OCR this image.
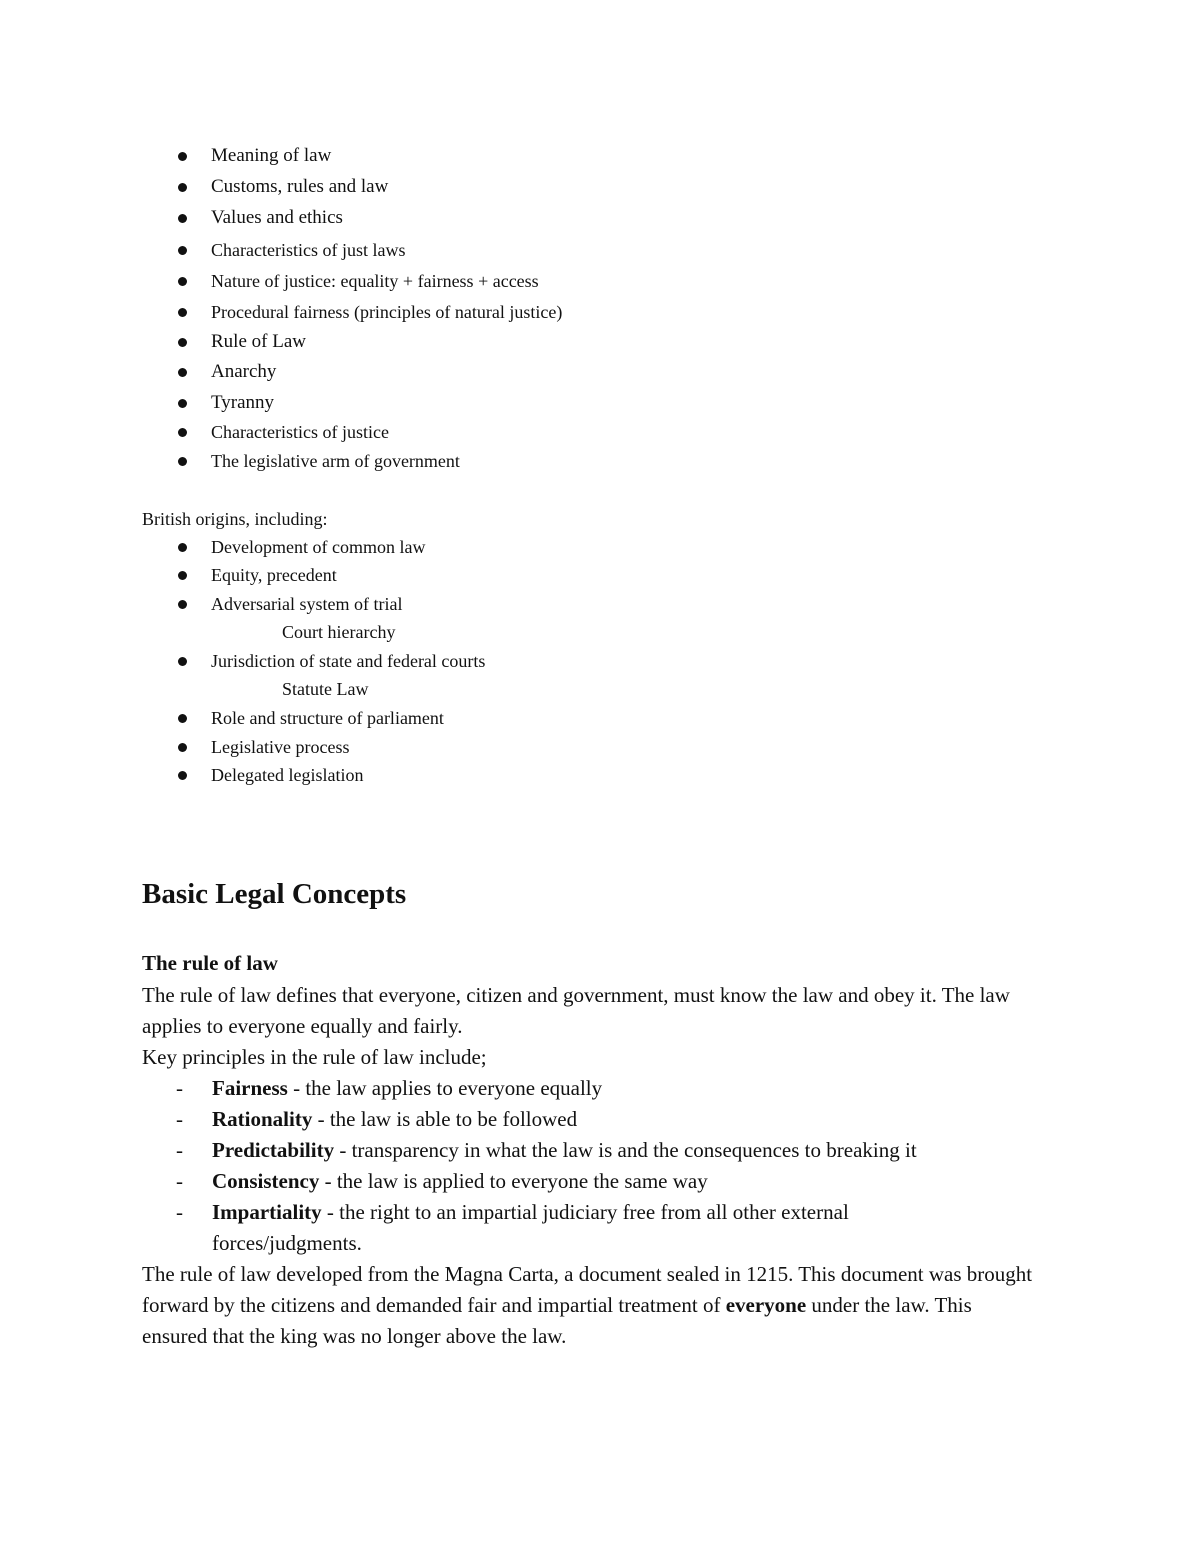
Meaning of law
Customs, rules and law
Values and ethics
Characteristics of just laws
Nature of justice: equality + fairness + access
Procedural fairness (principles of natural justice)
Rule of Law
Anarchy
Tyranny
Characteristics of justice
The legislative arm of government
British origins, including:
Development of common law
Equity, precedent
Adversarial system of trial
Court hierarchy
Jurisdiction of state and federal courts
Statute Law
Role and structure of parliament
Legislative process
Delegated legislation
Basic Legal Concepts
The rule of law
The rule of law defines that everyone, citizen and government, must know the law and obey it. The law applies to everyone equally and fairly.
Key principles in the rule of law include;
- Fairness - the law applies to everyone equally
- Rationality - the law is able to be followed
- Predictability - transparency in what the law is and the consequences to breaking it
- Consistency - the law is applied to everyone the same way
- Impartiality - the right to an impartial judiciary free from all other external
forces/judgments.
The rule of law developed from the Magna Carta, a document sealed in 1215. This document was brought forward by the citizens and demanded fair and impartial treatment of everyone under the law. This ensured that the king was no longer above the law.
